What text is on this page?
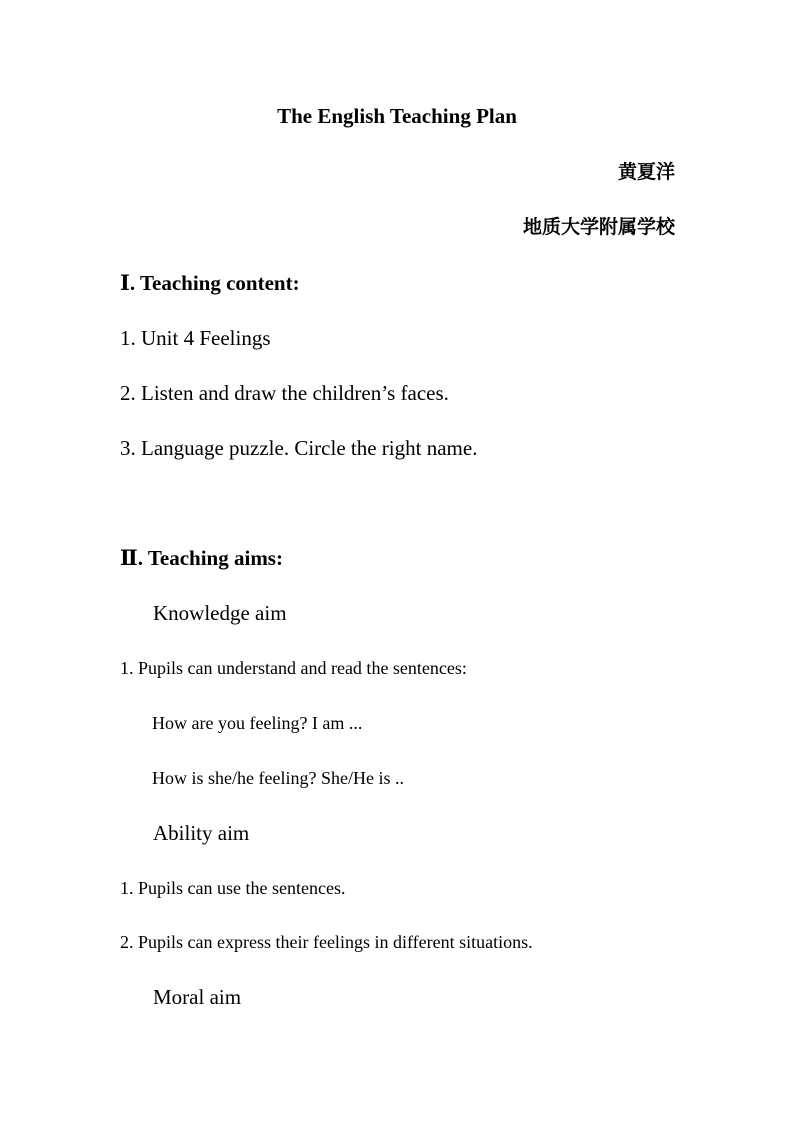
The English Teaching Plan
黄夏洋
地质大学附属学校
Ⅰ. Teaching content:
1. Unit 4 Feelings
2. Listen and draw the children’s faces.
3. Language puzzle. Circle the right name.
Ⅱ. Teaching aims:
Knowledge aim
1. Pupils can understand and read the sentences:
How are you feeling? I am ...
How is she/he feeling? She/He is ..
Ability aim
1. Pupils can use the sentences.
2. Pupils can express their feelings in different situations.
Moral aim
